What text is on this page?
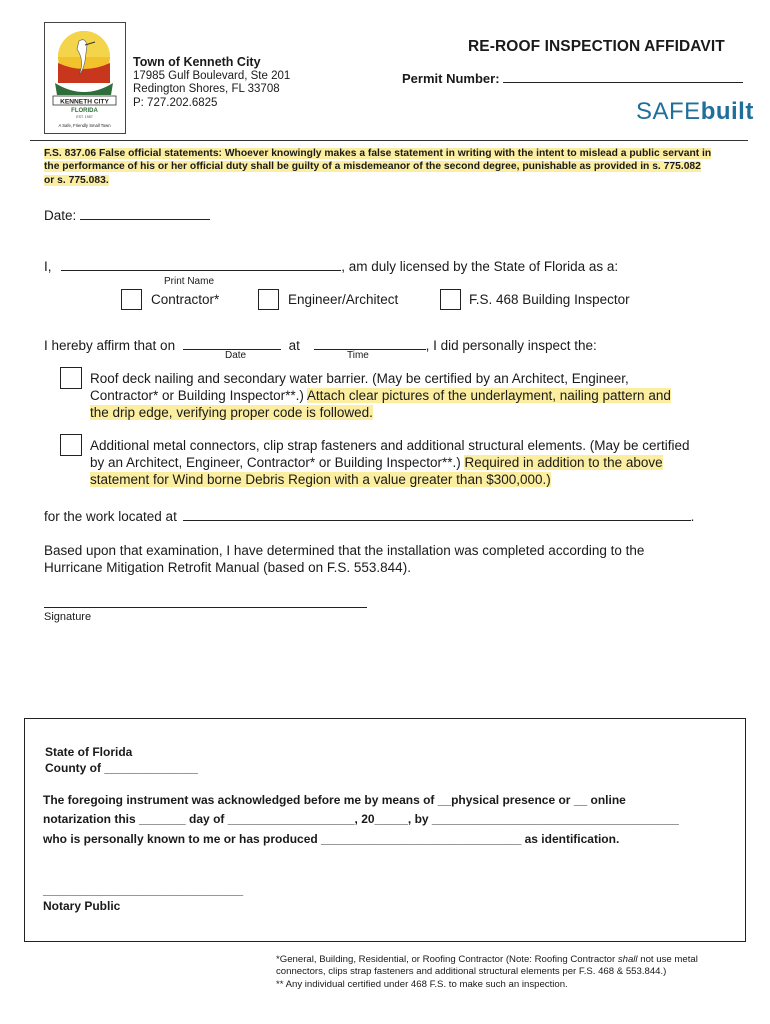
KENNETH CITY
FLORIDA
EST. 1957
A Safe, Friendly Small Town
Town of Kenneth City
17985 Gulf Boulevard, Ste 201
Redington Shores, FL 33708
P: 727.202.6825
RE-ROOF INSPECTION AFFIDAVIT
Permit Number:
SAFEbuilt
F.S. 837.06 False official statements: Whoever knowingly makes a false statement in writing with the intent to mislead a public servant in the performance of his or her official duty shall be guilty of a misdemeanor of the second degree, punishable as provided in s. 775.082 or s. 775.083.
Date:
I,	, am duly licensed by the State of Florida as a:
Print Name
Contractor*	Engineer/Architect	F.S. 468 Building Inspector
I hereby affirm that on	at	, I did personally inspect the:
Date	Time
Roof deck nailing and secondary water barrier. (May be certified by an Architect, Engineer, Contractor* or Building Inspector**.) Attach clear pictures of the underlayment, nailing pattern and the drip edge, verifying proper code is followed.
Additional metal connectors, clip strap fasteners and additional structural elements. (May be certified by an Architect, Engineer, Contractor* or Building Inspector**.) Required in addition to the above statement for Wind borne Debris Region with a value greater than $300,000.)
for the work located at	.
Based upon that examination, I have determined that the installation was completed according to the Hurricane Mitigation Retrofit Manual (based on F.S. 553.844).
Signature
State of Florida
County of ______________
The foregoing instrument was acknowledged before me by means of __physical presence or __ online
notarization this _______ day of ___________________, 20_____, by _____________________________________
who is personally known to me or has produced ______________________________ as identification.
______________________________
Notary Public
*General, Building, Residential, or Roofing Contractor (Note: Roofing Contractor shall not use metal connectors, clips strap fasteners and additional structural elements per F.S. 468 & 553.844.)
** Any individual certified under 468 F.S. to make such an inspection.
